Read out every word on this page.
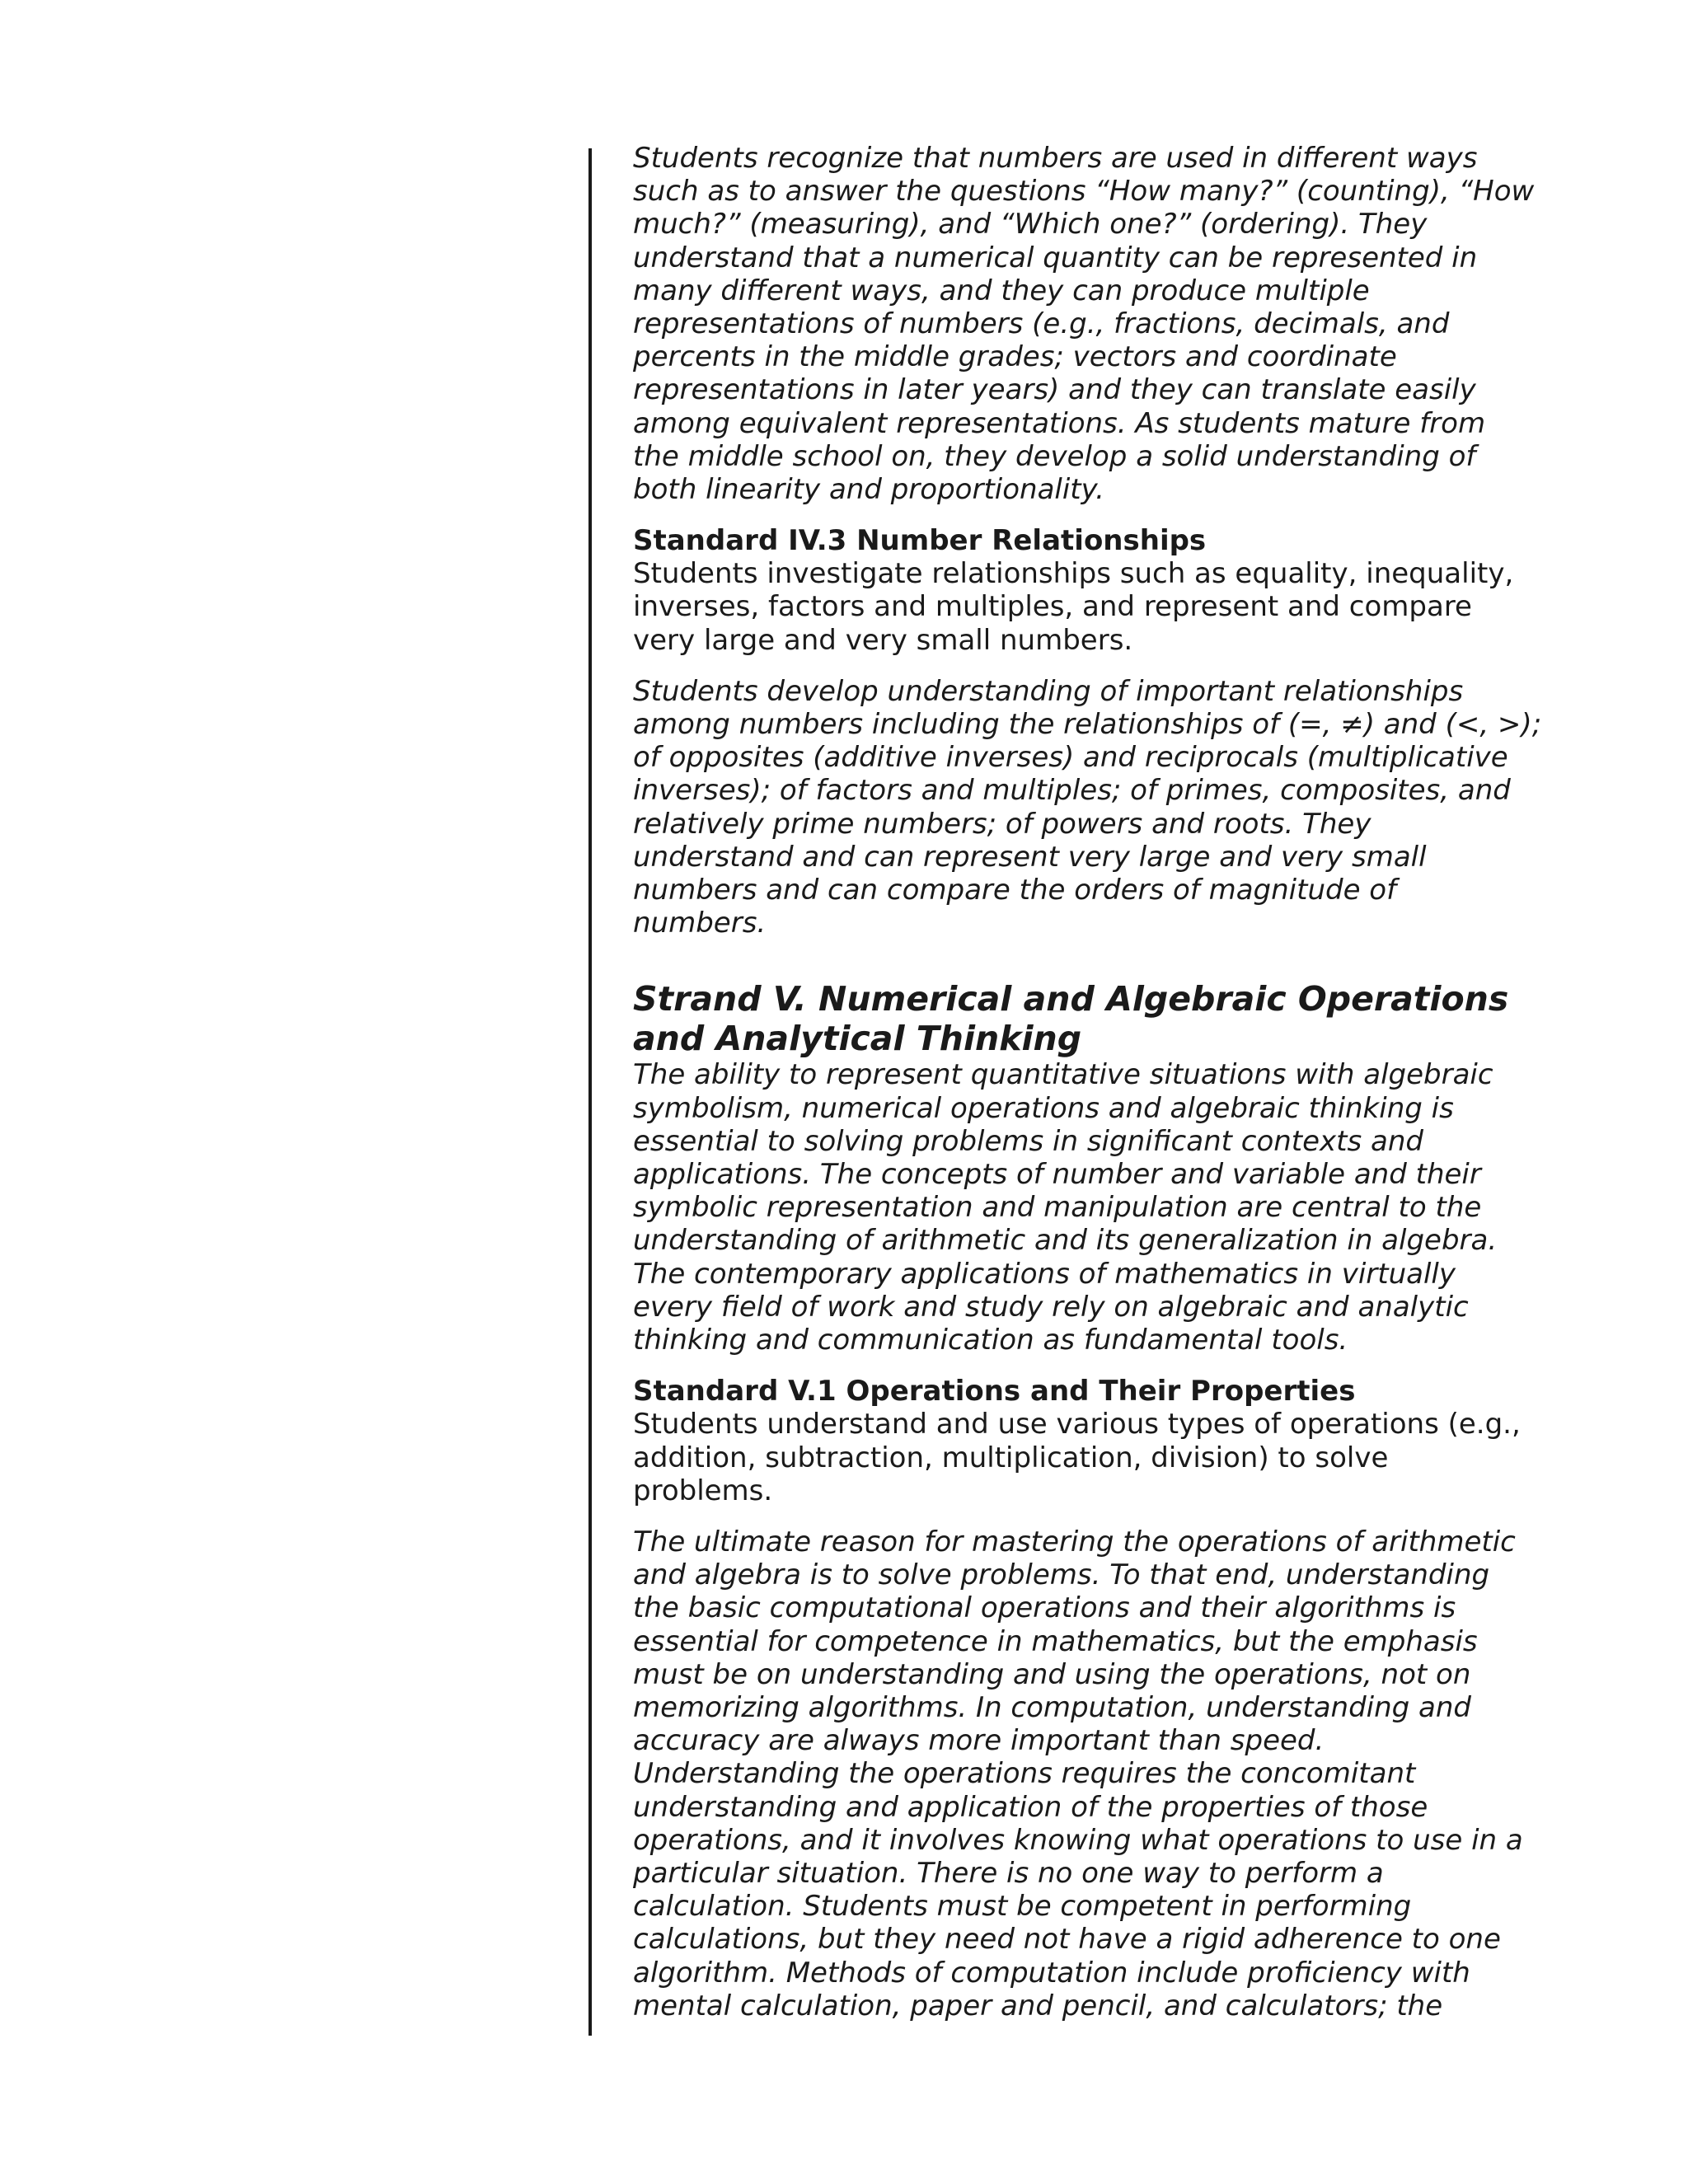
Students recognize that numbers are used in different ways
such as to answer the questions “How many?” (counting), “How
much?” (measuring), and “Which one?” (ordering). They
understand that a numerical quantity can be represented in
many different ways, and they can produce multiple
representations of numbers (e.g., fractions, decimals, and
percents in the middle grades; vectors and coordinate
representations in later years) and they can translate easily
among equivalent representations. As students mature from
the middle school on, they develop a solid understanding of
both linearity and proportionality.
Standard IV.3 Number Relationships
Students investigate relationships such as equality, inequality,
inverses, factors and multiples, and represent and compare
very large and very small numbers.
Students develop understanding of important relationships
among numbers including the relationships of (=, ≠) and (<, >);
of opposites (additive inverses) and reciprocals (multiplicative
inverses); of factors and multiples; of primes, composites, and
relatively prime numbers; of powers and roots. They
understand and can represent very large and very small
numbers and can compare the orders of magnitude of
numbers.
Strand V. Numerical and Algebraic Operations
and Analytical Thinking
The ability to represent quantitative situations with algebraic
symbolism, numerical operations and algebraic thinking is
essential to solving problems in significant contexts and
applications. The concepts of number and variable and their
symbolic representation and manipulation are central to the
understanding of arithmetic and its generalization in algebra.
The contemporary applications of mathematics in virtually
every field of work and study rely on algebraic and analytic
thinking and communication as fundamental tools.
Standard V.1 Operations and Their Properties
Students understand and use various types of operations (e.g.,
addition, subtraction, multiplication, division) to solve
problems.
The ultimate reason for mastering the operations of arithmetic
and algebra is to solve problems. To that end, understanding
the basic computational operations and their algorithms is
essential for competence in mathematics, but the emphasis
must be on understanding and using the operations, not on
memorizing algorithms. In computation, understanding and
accuracy are always more important than speed.
Understanding the operations requires the concomitant
understanding and application of the properties of those
operations, and it involves knowing what operations to use in a
particular situation. There is no one way to perform a
calculation. Students must be competent in performing
calculations, but they need not have a rigid adherence to one
algorithm. Methods of computation include proficiency with
mental calculation, paper and pencil, and calculators; the
